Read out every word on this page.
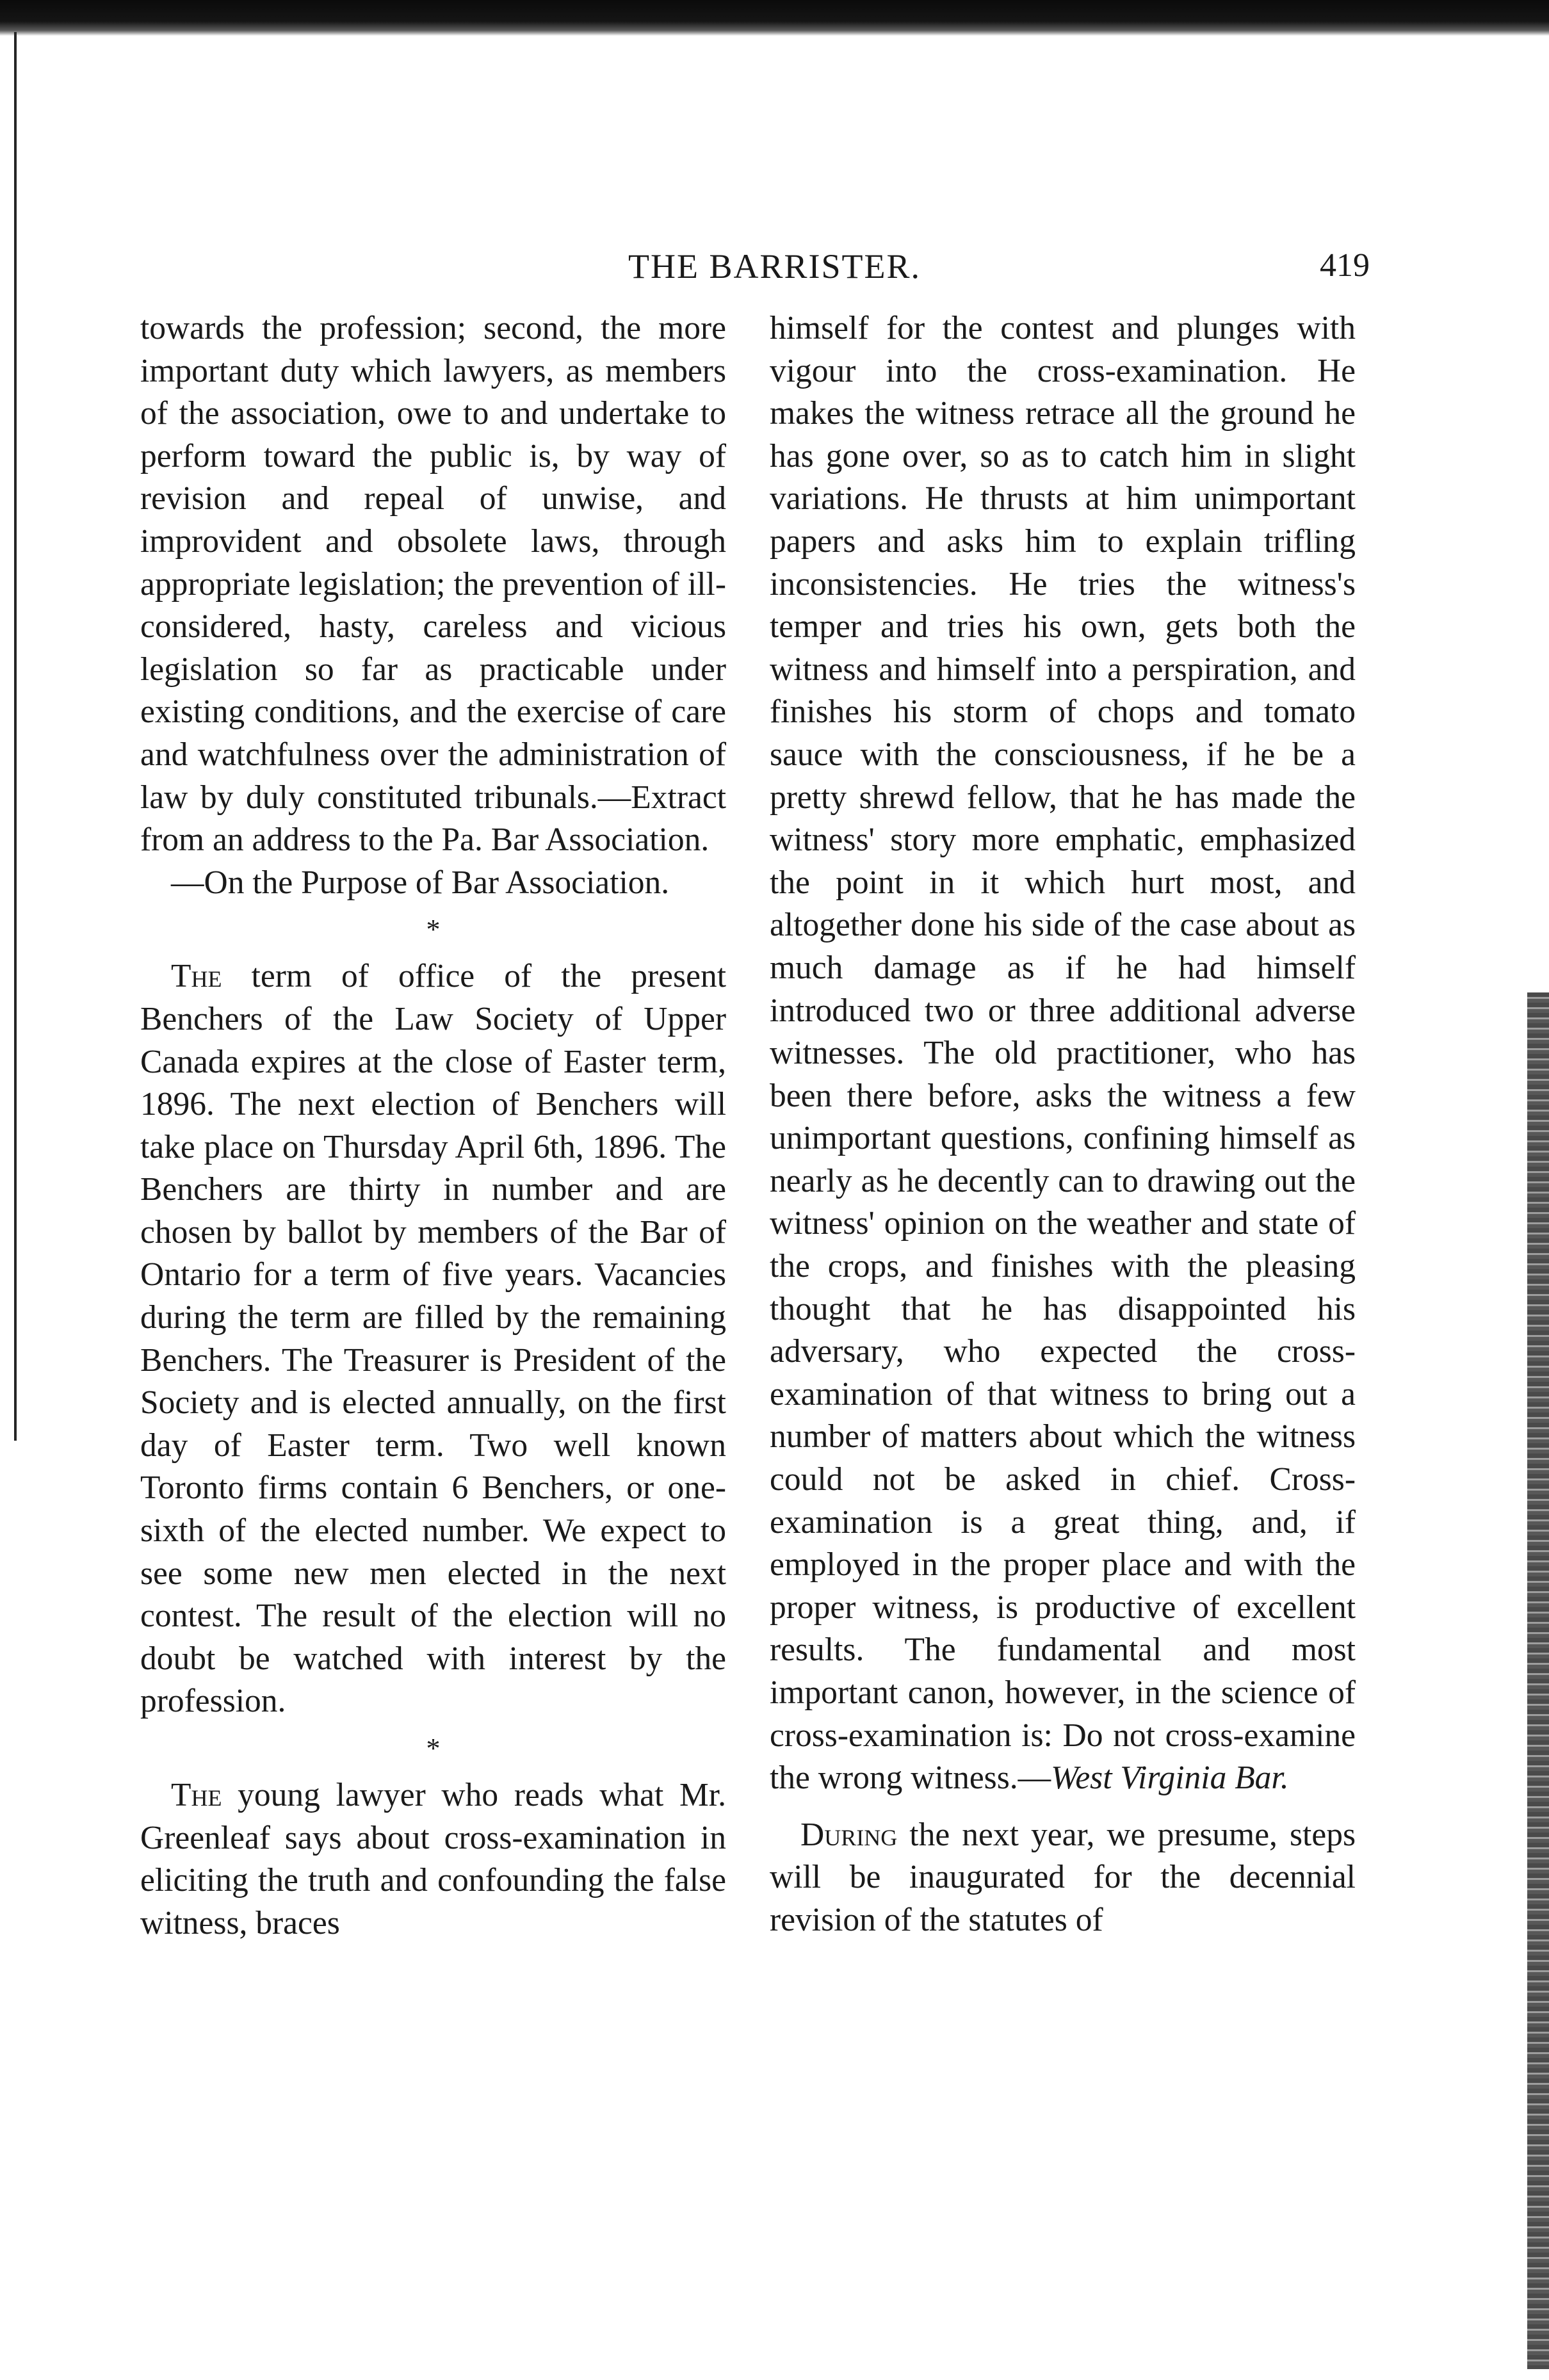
THE BARRISTER.	419

towards the profession; second, the more important duty which lawyers, as members of the association, owe to and undertake to perform toward the public is, by way of revision and repeal of unwise, and improvident and obsolete laws, through appropriate legislation; the prevention of ill-considered, hasty, careless and vicious legislation so far as practicable under existing conditions, and the exercise of care and watchfulness over the administration of law by duly constituted tribunals.—Extract from an address to the Pa. Bar Association.

—On the Purpose of Bar Association.

*

The term of office of the present Benchers of the Law Society of Upper Canada expires at the close of Easter term, 1896. The next election of Benchers will take place on Thursday April 6th, 1896. The Benchers are thirty in number and are chosen by ballot by members of the Bar of Ontario for a term of five years. Vacancies during the term are filled by the remaining Benchers. The Treasurer is President of the Society and is elected annually, on the first day of Easter term. Two well known Toronto firms contain 6 Benchers, or one-sixth of the elected number. We expect to see some new men elected in the next contest. The result of the election will no doubt be watched with interest by the profession.

*

The young lawyer who reads what Mr. Greenleaf says about cross-examination in eliciting the truth and confounding the false witness, braces

himself for the contest and plunges with vigour into the cross-examination. He makes the witness retrace all the ground he has gone over, so as to catch him in slight variations. He thrusts at him unimportant papers and asks him to explain trifling inconsistencies. He tries the witness's temper and tries his own, gets both the witness and himself into a perspiration, and finishes his storm of chops and tomato sauce with the consciousness, if he be a pretty shrewd fellow, that he has made the witness' story more emphatic, emphasized the point in it which hurt most, and altogether done his side of the case about as much damage as if he had himself introduced two or three additional adverse witnesses. The old practitioner, who has been there before, asks the witness a few unimportant questions, confining himself as nearly as he decently can to drawing out the witness' opinion on the weather and state of the crops, and finishes with the pleasing thought that he has disappointed his adversary, who expected the cross-examination of that witness to bring out a number of matters about which the witness could not be asked in chief. Cross-examination is a great thing, and, if employed in the proper place and with the proper witness, is productive of excellent results. The fundamental and most important canon, however, in the science of cross-examination is: Do not cross-examine the wrong witness.—West Virginia Bar.

During the next year, we presume, steps will be inaugurated for the decennial revision of the statutes of
